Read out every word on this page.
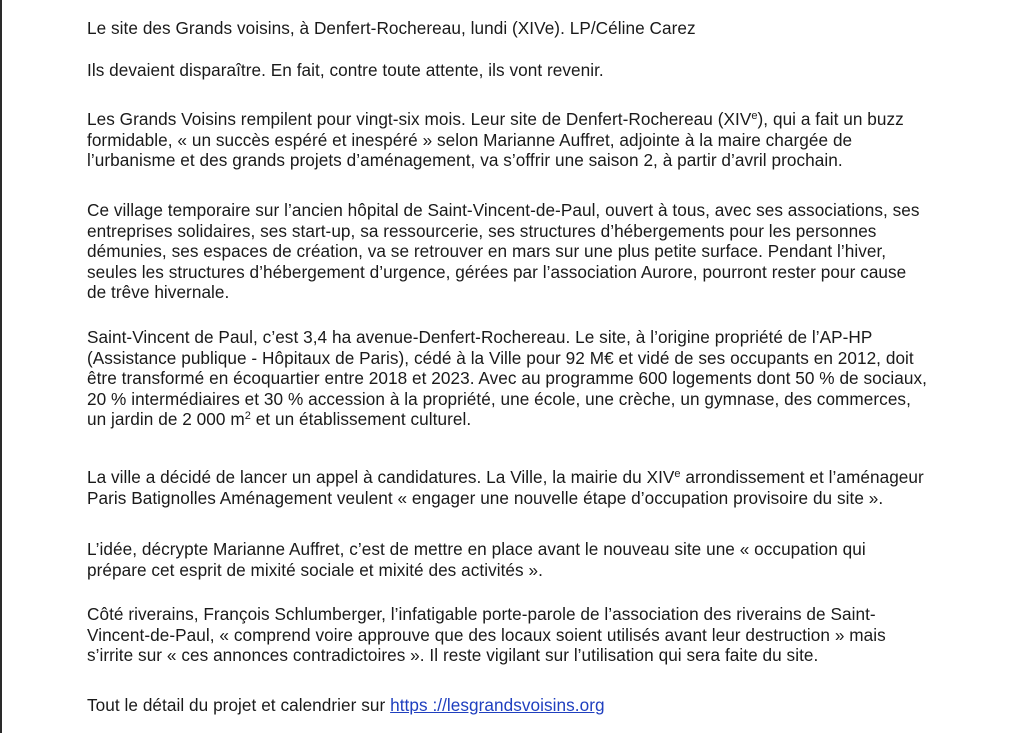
Le site des Grands voisins, à Denfert-Rochereau, lundi (XIVe). LP/Céline Carez

Ils devaient disparaître. En fait, contre toute attente, ils vont revenir.

Les Grands Voisins rempilent pour vingt-six mois. Leur site de Denfert-Rochereau (XIVe), qui a fait un buzz
formidable, « un succès espéré et inespéré » selon Marianne Auffret, adjointe à la maire chargée de
l’urbanisme et des grands projets d’aménagement, va s’offrir une saison 2, à partir d’avril prochain.

Ce village temporaire sur l’ancien hôpital de Saint-Vincent-de-Paul, ouvert à tous, avec ses associations, ses
entreprises solidaires, ses start-up, sa ressourcerie, ses structures d’hébergements pour les personnes
démunies, ses espaces de création, va se retrouver en mars sur une plus petite surface. Pendant l’hiver,
seules les structures d’hébergement d’urgence, gérées par l’association Aurore, pourront rester pour cause
de trêve hivernale.

Saint-Vincent de Paul, c’est 3,4 ha avenue-Denfert-Rochereau. Le site, à l’origine propriété de l’AP-HP
(Assistance publique - Hôpitaux de Paris), cédé à la Ville pour 92 M€ et vidé de ses occupants en 2012, doit
être transformé en écoquartier entre 2018 et 2023. Avec au programme 600 logements dont 50 % de sociaux,
20 % intermédiaires et 30 % accession à la propriété, une école, une crèche, un gymnase, des commerces,
un jardin de 2 000 $m^2$ et un établissement culturel.

La ville a décidé de lancer un appel à candidatures. La Ville, la mairie du XIVe arrondissement et l’aménageur
Paris Batignolles Aménagement veulent « engager une nouvelle étape d’occupation provisoire du site ».

L’idée, décrypte Marianne Auffret, c’est de mettre en place avant le nouveau site une « occupation qui
prépare cet esprit de mixité sociale et mixité des activités ».

Côté riverains, François Schlumberger, l’infatigable porte-parole de l’association des riverains de Saint-
Vincent-de-Paul, « comprend voire approuve que des locaux soient utilisés avant leur destruction » mais
s’irrite sur « ces annonces contradictoires ». Il reste vigilant sur l’utilisation qui sera faite du site.

Tout le détail du projet et calendrier sur https ://lesgrandsvoisins.org
